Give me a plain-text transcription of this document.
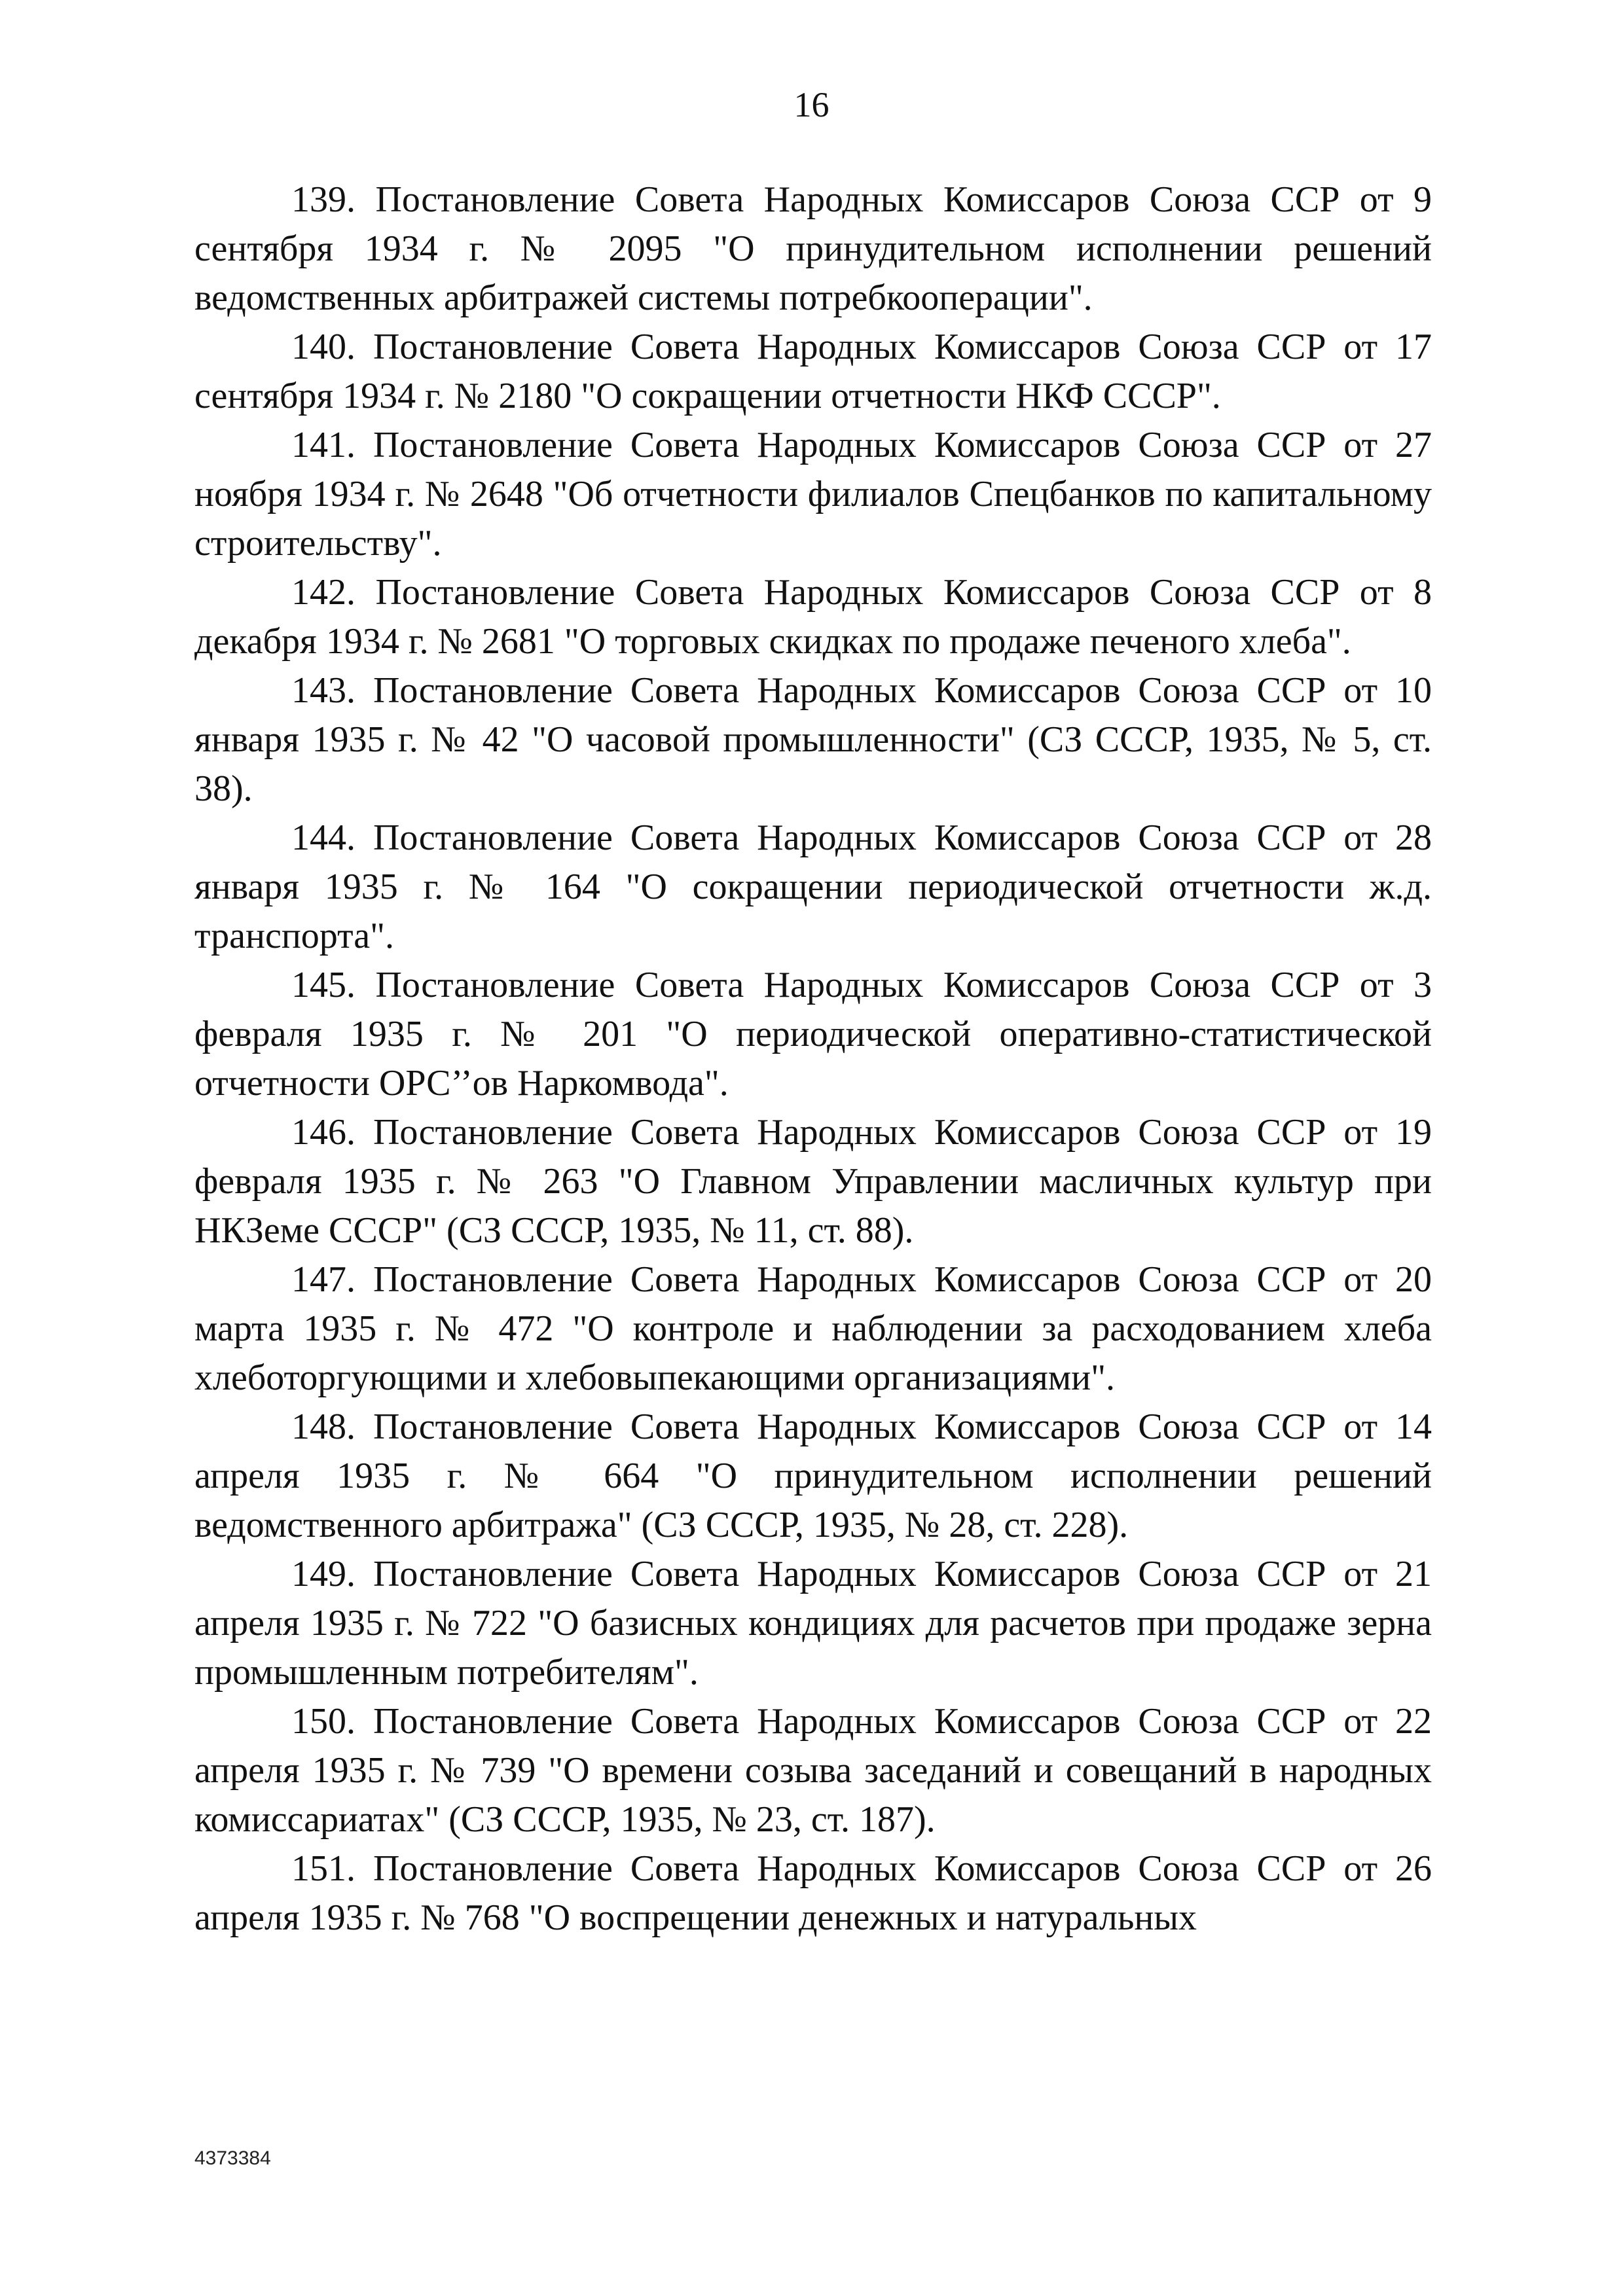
16

139. Постановление Совета Народных Комиссаров Союза ССР от 9 сентября 1934 г. № 2095 "О принудительном исполнении решений ведомственных арбитражей системы потребкооперации".

140. Постановление Совета Народных Комиссаров Союза ССР от 17 сентября 1934 г. № 2180 "О сокращении отчетности НКФ СССР".

141. Постановление Совета Народных Комиссаров Союза ССР от 27 ноября 1934 г. № 2648 "Об отчетности филиалов Спецбанков по капитальному строительству".

142. Постановление Совета Народных Комиссаров Союза ССР от 8 декабря 1934 г. № 2681 "О торговых скидках по продаже печеного хлеба".

143. Постановление Совета Народных Комиссаров Союза ССР от 10 января 1935 г. № 42 "О часовой промышленности" (СЗ СССР, 1935, № 5, ст. 38).

144. Постановление Совета Народных Комиссаров Союза ССР от 28 января 1935 г. № 164 "О сокращении периодической отчетности ж.д. транспорта".

145. Постановление Совета Народных Комиссаров Союза ССР от 3 февраля 1935 г. № 201 "О периодической оперативно-статистической отчетности ОРС’’ов Наркомвода".

146. Постановление Совета Народных Комиссаров Союза ССР от 19 февраля 1935 г. № 263 "О Главном Управлении масличных культур при НКЗеме СССР" (СЗ СССР, 1935, № 11, ст. 88).

147. Постановление Совета Народных Комиссаров Союза ССР от 20 марта 1935 г. № 472 "О контроле и наблюдении за расходованием хлеба хлеботоргующими и хлебовыпекающими организациями".

148. Постановление Совета Народных Комиссаров Союза ССР от 14 апреля 1935 г. № 664 "О принудительном исполнении решений ведомственного арбитража" (СЗ СССР, 1935, № 28, ст. 228).

149. Постановление Совета Народных Комиссаров Союза ССР от 21 апреля 1935 г. № 722 "О базисных кондициях для расчетов при продаже зерна промышленным потребителям".

150. Постановление Совета Народных Комиссаров Союза ССР от 22 апреля 1935 г. № 739 "О времени созыва заседаний и совещаний в народных комиссариатах" (СЗ СССР, 1935, № 23, ст. 187).

151. Постановление Совета Народных Комиссаров Союза ССР от 26 апреля 1935 г. № 768 "О воспрещении денежных и натуральных

4373384
